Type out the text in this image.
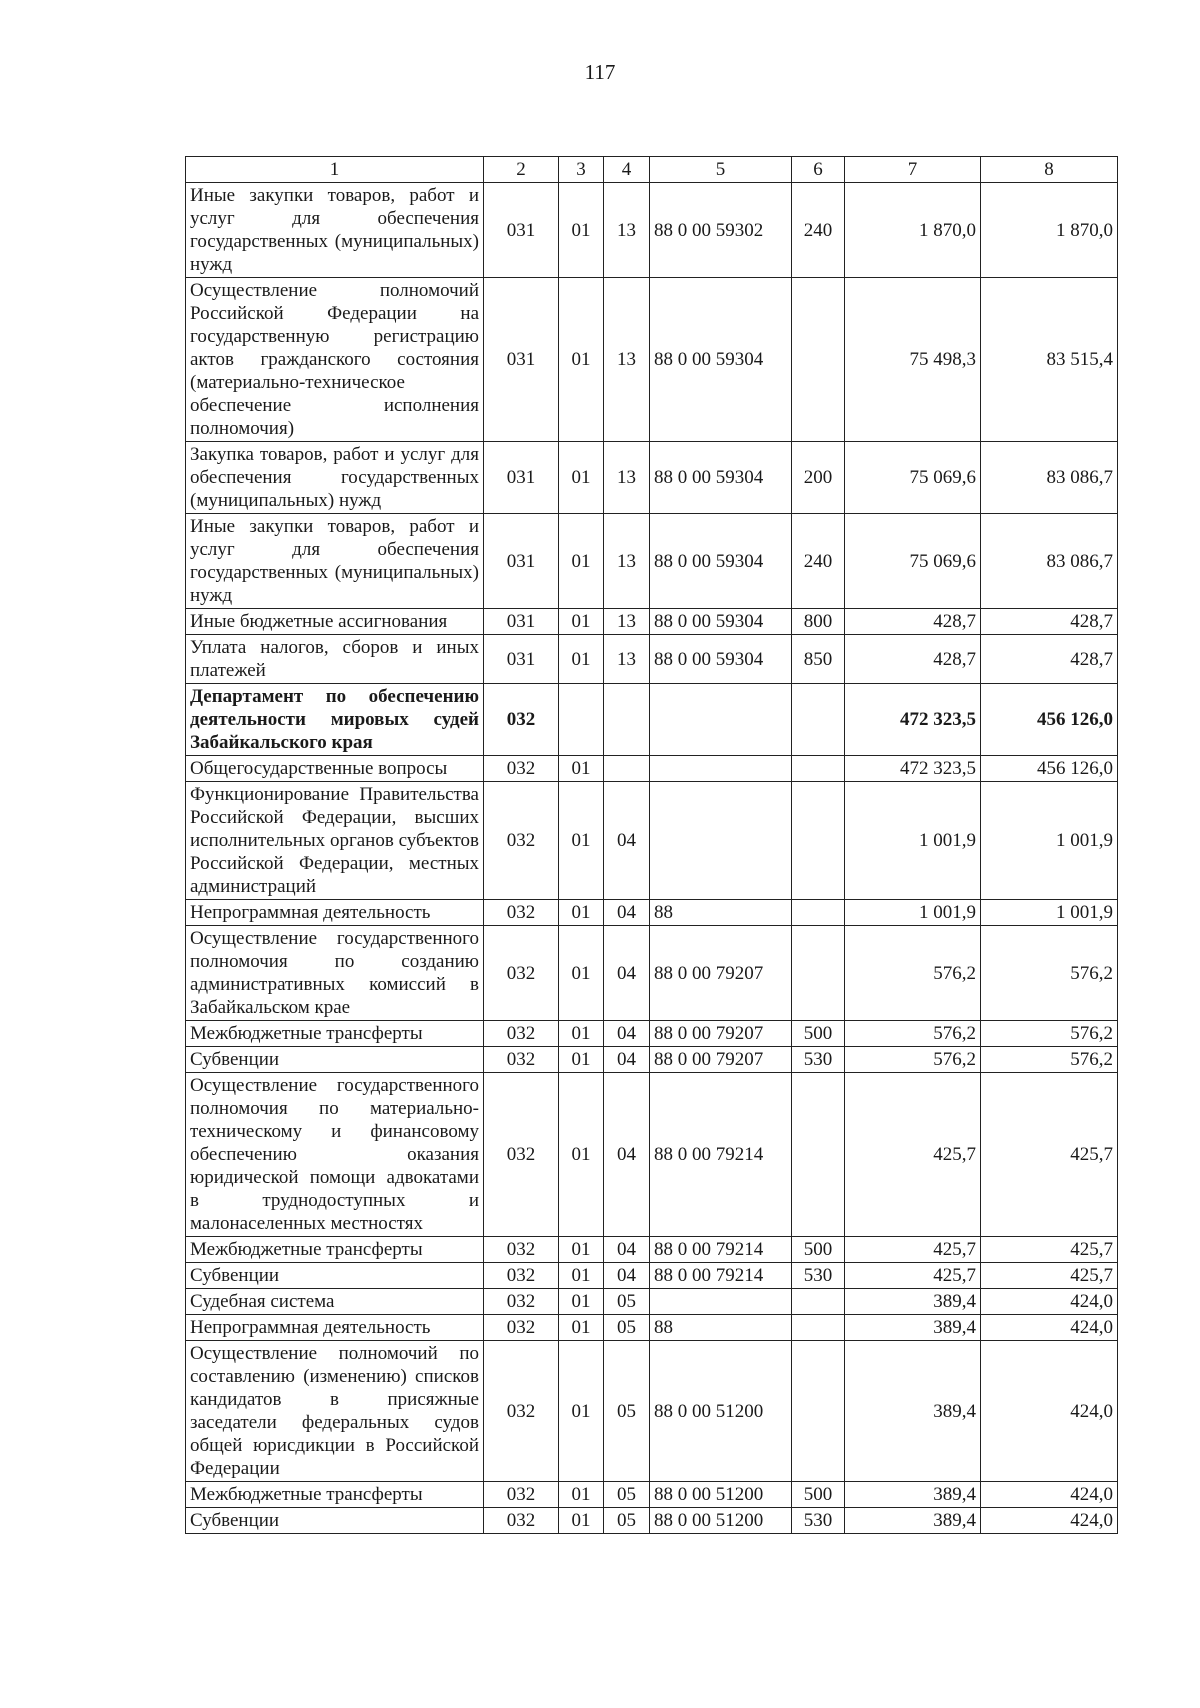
117
1	2	3	4	5	6	7	8
Иные закупки товаров, работ и услуг для обеспечения государственных (муниципальных) нужд	031	01	13	88 0 00 59302	240	1 870,0	1 870,0
Осуществление полномочий Российской Федерации на государственную регистрацию актов гражданского состояния (материально-техническое обеспечение исполнения полномочия)	031	01	13	88 0 00 59304		75 498,3	83 515,4
Закупка товаров, работ и услуг для обеспечения государственных (муниципальных) нужд	031	01	13	88 0 00 59304	200	75 069,6	83 086,7
Иные закупки товаров, работ и услуг для обеспечения государственных (муниципальных) нужд	031	01	13	88 0 00 59304	240	75 069,6	83 086,7
Иные бюджетные ассигнования	031	01	13	88 0 00 59304	800	428,7	428,7
Уплата налогов, сборов и иных платежей	031	01	13	88 0 00 59304	850	428,7	428,7
Департамент по обеспечению деятельности мировых судей Забайкальского края	032					472 323,5	456 126,0
Общегосударственные вопросы	032	01				472 323,5	456 126,0
Функционирование Правительства Российской Федерации, высших исполнительных органов субъектов Российской Федерации, местных администраций	032	01	04			1 001,9	1 001,9
Непрограммная деятельность	032	01	04	88		1 001,9	1 001,9
Осуществление государственного полномочия по созданию административных комиссий в Забайкальском крае	032	01	04	88 0 00 79207		576,2	576,2
Межбюджетные трансферты	032	01	04	88 0 00 79207	500	576,2	576,2
Субвенции	032	01	04	88 0 00 79207	530	576,2	576,2
Осуществление государственного полномочия по материально-техническому и финансовому обеспечению оказания юридической помощи адвокатами в труднодоступных и малонаселенных местностях	032	01	04	88 0 00 79214		425,7	425,7
Межбюджетные трансферты	032	01	04	88 0 00 79214	500	425,7	425,7
Субвенции	032	01	04	88 0 00 79214	530	425,7	425,7
Судебная система	032	01	05			389,4	424,0
Непрограммная деятельность	032	01	05	88		389,4	424,0
Осуществление полномочий по составлению (изменению) списков кандидатов в присяжные заседатели федеральных судов общей юрисдикции в Российской Федерации	032	01	05	88 0 00 51200		389,4	424,0
Межбюджетные трансферты	032	01	05	88 0 00 51200	500	389,4	424,0
Субвенции	032	01	05	88 0 00 51200	530	389,4	424,0
